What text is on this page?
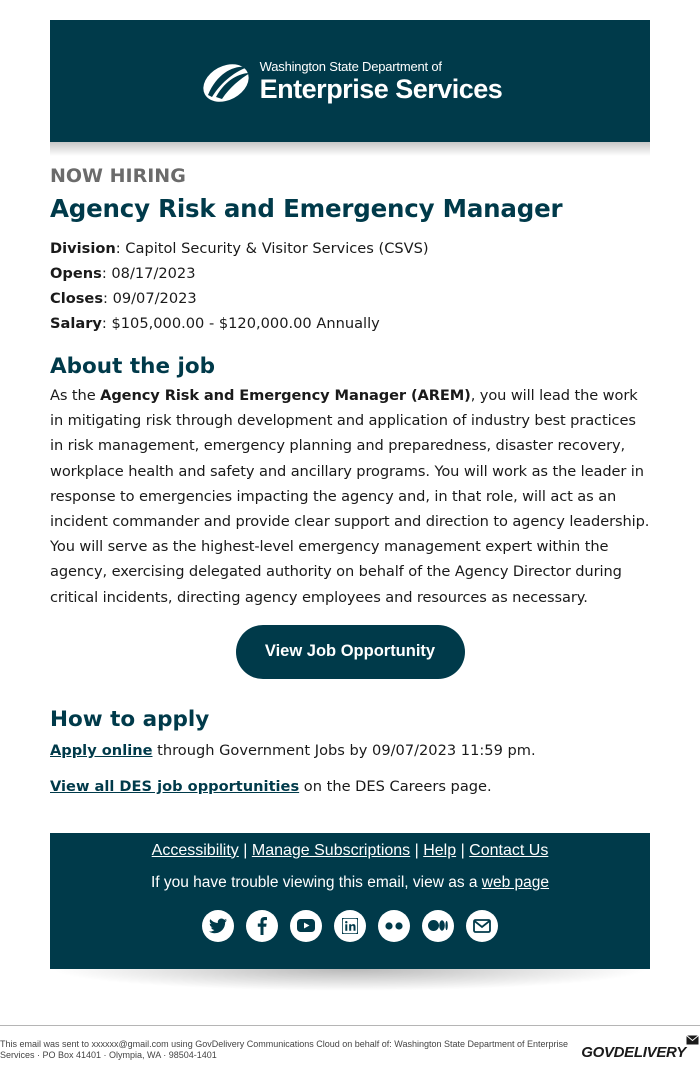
Washington State Department of
Enterprise Services
NOW HIRING
Agency Risk and Emergency Manager
Division: Capitol Security & Visitor Services (CSVS)
Opens: 08/17/2023
Closes: 09/07/2023
Salary: $105,000.00 - $120,000.00 Annually
About the job
As the Agency Risk and Emergency Manager (AREM), you will lead the work in mitigating risk through development and application of industry best practices in risk management, emergency planning and preparedness, disaster recovery, workplace health and safety and ancillary programs. You will work as the leader in response to emergencies impacting the agency and, in that role, will act as an incident commander and provide clear support and direction to agency leadership. You will serve as the highest-level emergency management expert within the agency, exercising delegated authority on behalf of the Agency Director during critical incidents, directing agency employees and resources as necessary.
View Job Opportunity
How to apply
Apply online through Government Jobs by 09/07/2023 11:59 pm.
View all DES job opportunities on the DES Careers page.
Accessibility | Manage Subscriptions | Help | Contact Us
If you have trouble viewing this email, view as a web page
This email was sent to xxxxxx@gmail.com using GovDelivery Communications Cloud on behalf of: Washington State Department of Enterprise Services · PO Box 41401 · Olympia, WA · 98504-1401	GOVDELIVERY
